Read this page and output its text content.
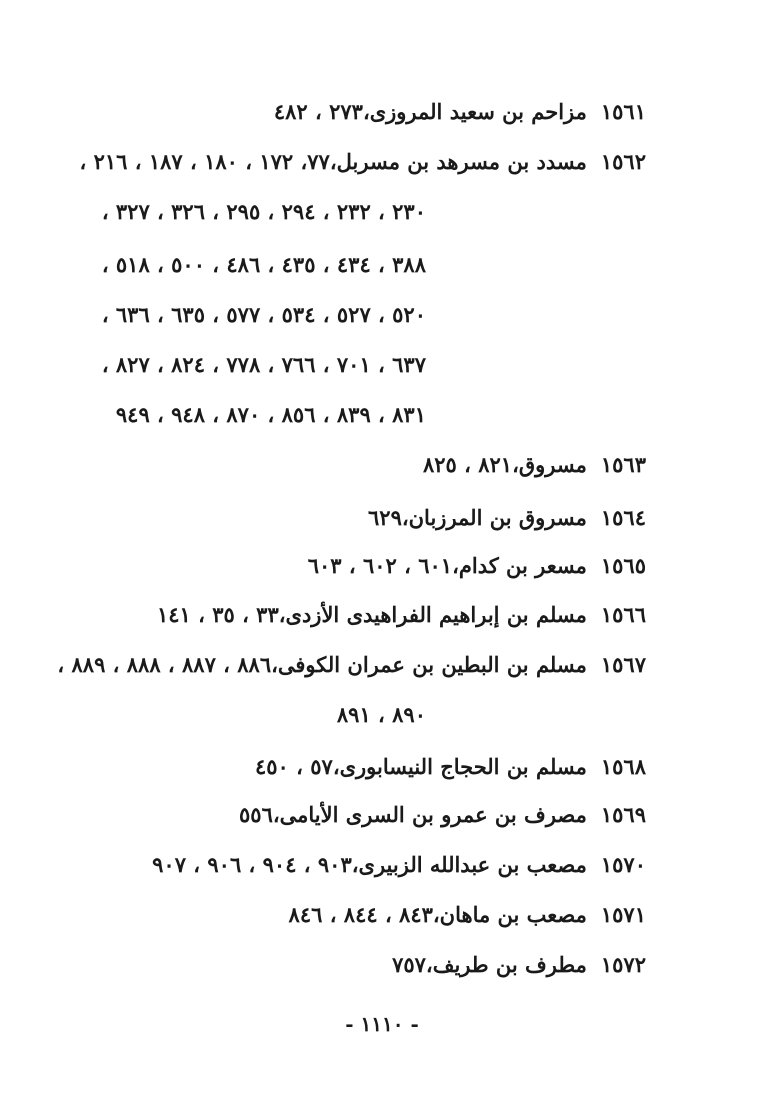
١٥٦١مزاحم بن سعيد المروزى،٢٧٣ ، ٤٨٢
١٥٦٢مسدد بن مسرهد بن مسربل،٧٧، ١٧٢ ، ١٨٠ ، ١٨٧ ، ٢١٦ ،
٢٣٠ ، ٢٣٢ ، ٢٩٤ ، ٢٩٥ ، ٣٢٦ ، ٣٢٧ ،
٣٨٨ ، ٤٣٤ ، ٤٣٥ ، ٤٨٦ ، ٥٠٠ ، ٥١٨ ،
٥٢٠ ، ٥٢٧ ، ٥٣٤ ، ٥٧٧ ، ٦٣٥ ، ٦٣٦ ،
٦٣٧ ، ٧٠١ ، ٧٦٦ ، ٧٧٨ ، ٨٢٤ ، ٨٢٧ ،
٨٣١ ، ٨٣٩ ، ٨٥٦ ، ٨٧٠ ، ٩٤٨ ، ٩٤٩
١٥٦٣مسروق،٨٢١ ، ٨٢٥
١٥٦٤مسروق بن المرزبان،٦٢٩
١٥٦٥مسعر بن كدام،٦٠١ ، ٦٠٢ ، ٦٠٣
١٥٦٦مسلم بن إبراهيم الفراهيدى الأزدى،٣٣ ، ٣٥ ، ١٤١
١٥٦٧مسلم بن البطين بن عمران الكوفى،٨٨٦ ، ٨٨٧ ، ٨٨٨ ، ٨٨٩ ،
٨٩٠ ، ٨٩١
١٥٦٨مسلم بن الحجاج النيسابورى،٥٧ ، ٤٥٠
١٥٦٩مصرف بن عمرو بن السرى الأيامى،٥٥٦
١٥٧٠مصعب بن عبدالله الزبيرى،٩٠٣ ، ٩٠٤ ، ٩٠٦ ، ٩٠٧
١٥٧١مصعب بن ماهان،٨٤٣ ، ٨٤٤ ، ٨٤٦
١٥٧٢مطرف بن طريف،٧٥٧
- ١١١٠ -
